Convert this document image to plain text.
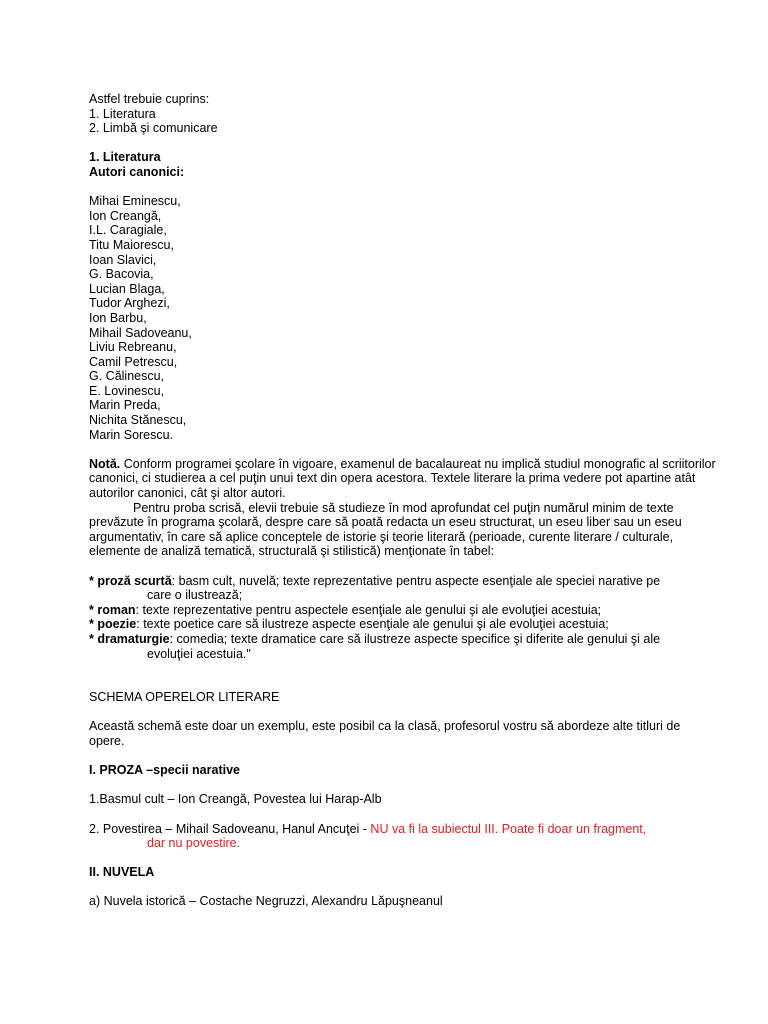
Astfel trebuie cuprins:

1. Literatura

2. Limbă şi comunicare

1. Literatura

Autori canonici:

Mihai Eminescu,

Ion Creangă,

I.L. Caragiale,

Titu Maiorescu,

Ioan Slavici,

G. Bacovia,

Lucian Blaga,

Tudor Arghezi,

Ion Barbu,

Mihail Sadoveanu,

Liviu Rebreanu,

Camil Petrescu,

G. Călinescu,

E. Lovinescu,

Marin Preda,

Nichita Stănescu,

Marin Sorescu.

Notă. Conform programei şcolare în vigoare, examenul de bacalaureat nu implică studiul monografic al scriitorilor canonici, ci studierea a cel puţin unui text din opera acestora. Textele literare la prima vedere pot apartine atât autorilor canonici, cât şi altor autori.

Pentru proba scrisă, elevii trebuie să studieze în mod aprofundat cel puţin numărul minim de texte prevăzute în programa şcolară, despre care să poată redacta un eseu structurat, un eseu liber sau un eseu argumentativ, în care să aplice conceptele de istorie şi teorie literară (perioade, curente literare / culturale, elemente de analiză tematică, structurală şi stilistică) menţionate în tabel:

* proză scurtă: basm cult, nuvelă; texte reprezentative pentru aspecte esenţiale ale speciei narative pe

care o ilustrează;

* roman: texte reprezentative pentru aspectele esenţiale ale genului şi ale evoluţiei acestuia;

* poezie: texte poetice care să ilustreze aspecte esenţiale ale genului şi ale evoluţiei acestuia;

* dramaturgie: comedia; texte dramatice care să ilustreze aspecte specifice şi diferite ale genului şi ale

evoluţiei acestuia."

SCHEMA OPERELOR LITERARE

Această schemă este doar un exemplu, este posibil ca la clasă, profesorul vostru să abordeze alte titluri de opere.

I. PROZA –specii narative

1.Basmul cult – Ion Creangă, Povestea lui Harap-Alb

2. Povestirea – Mihail Sadoveanu, Hanul Ancuţei - NU va fi la subiectul III. Poate fi doar un fragment,

dar nu povestire.

II. NUVELA

a) Nuvela istorică – Costache Negruzzi, Alexandru Lăpuşneanul
